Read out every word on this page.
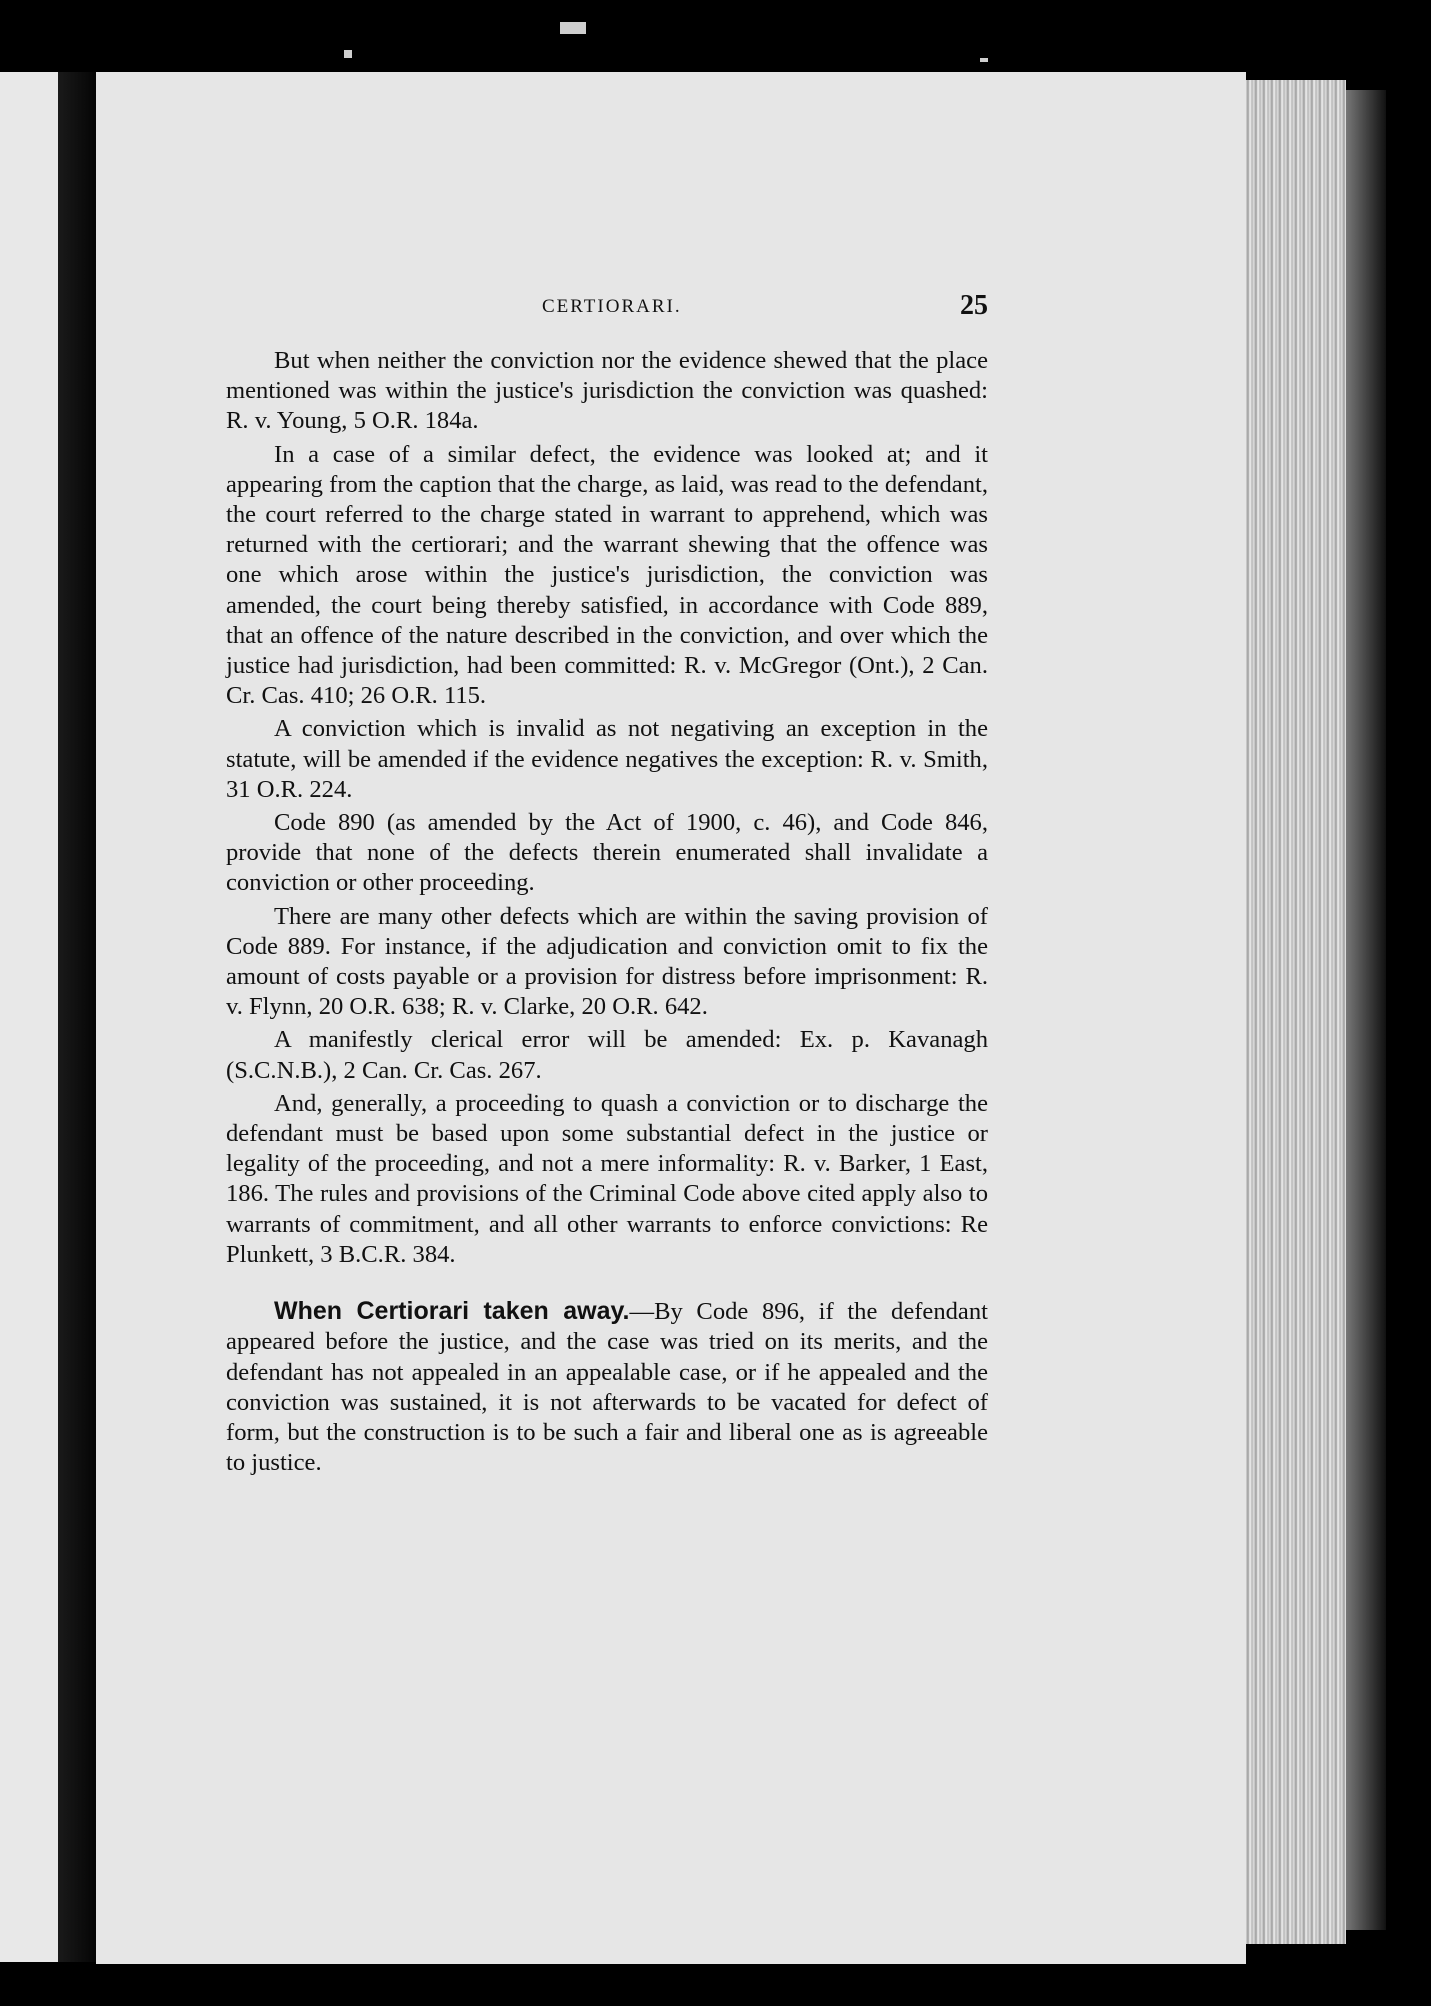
CERTIORARI.	25

But when neither the conviction nor the evidence shewed that the place mentioned was within the justice's jurisdiction the conviction was quashed: R. v. Young, 5 O.R. 184a.

In a case of a similar defect, the evidence was looked at; and it appearing from the caption that the charge, as laid, was read to the defendant, the court referred to the charge stated in warrant to apprehend, which was returned with the certiorari; and the warrant shewing that the offence was one which arose within the justice's jurisdiction, the conviction was amended, the court being thereby satisfied, in accordance with Code 889, that an offence of the nature described in the conviction, and over which the justice had jurisdiction, had been committed: R. v. McGregor (Ont.), 2 Can. Cr. Cas. 410; 26 O.R. 115.

A conviction which is invalid as not negativing an exception in the statute, will be amended if the evidence negatives the exception: R. v. Smith, 31 O.R. 224.

Code 890 (as amended by the Act of 1900, c. 46), and Code 846, provide that none of the defects therein enumerated shall invalidate a conviction or other proceeding.

There are many other defects which are within the saving provision of Code 889. For instance, if the adjudication and conviction omit to fix the amount of costs payable or a provision for distress before imprisonment: R. v. Flynn, 20 O.R. 638; R. v. Clarke, 20 O.R. 642.

A manifestly clerical error will be amended: Ex. p. Kavanagh (S.C.N.B.), 2 Can. Cr. Cas. 267.

And, generally, a proceeding to quash a conviction or to discharge the defendant must be based upon some substantial defect in the justice or legality of the proceeding, and not a mere informality: R. v. Barker, 1 East, 186. The rules and provisions of the Criminal Code above cited apply also to warrants of commitment, and all other warrants to enforce convictions: Re Plunkett, 3 B.C.R. 384.

When Certiorari taken away.—By Code 896, if the defendant appeared before the justice, and the case was tried on its merits, and the defendant has not appealed in an appealable case, or if he appealed and the conviction was sustained, it is not afterwards to be vacated for defect of form, but the construction is to be such a fair and liberal one as is agreeable to justice.
